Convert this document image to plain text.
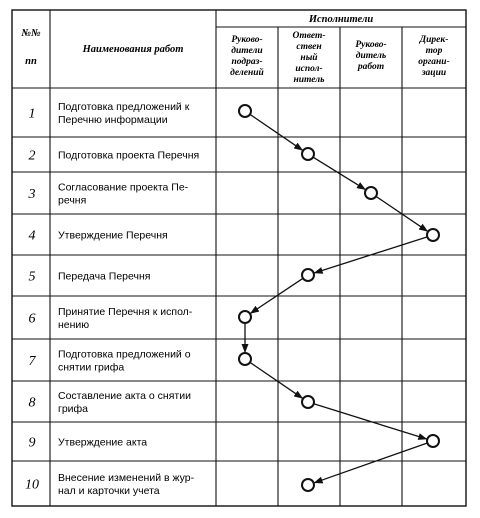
№№
пп
Наименования работ
Исполнители
Руково-
дители
подраз-
делений
Ответ-
ствен
ный
испол-
нитель
Руково-
дитель
работ
Дирек-
тор
органи-
зации
1 Подготовка предложений к
Перечню информации
2 Подготовка проекта Перечня
3 Согласование проекта Пе-
речня
4 Утверждение Перечня
5 Передача Перечня
6 Принятие Перечня к испол-
нению
7 Подготовка предложений о
снятии грифа
8 Составление акта о снятии
грифа
9 Утверждение акта
10 Внесение изменений в жур-
нал и карточки учета
